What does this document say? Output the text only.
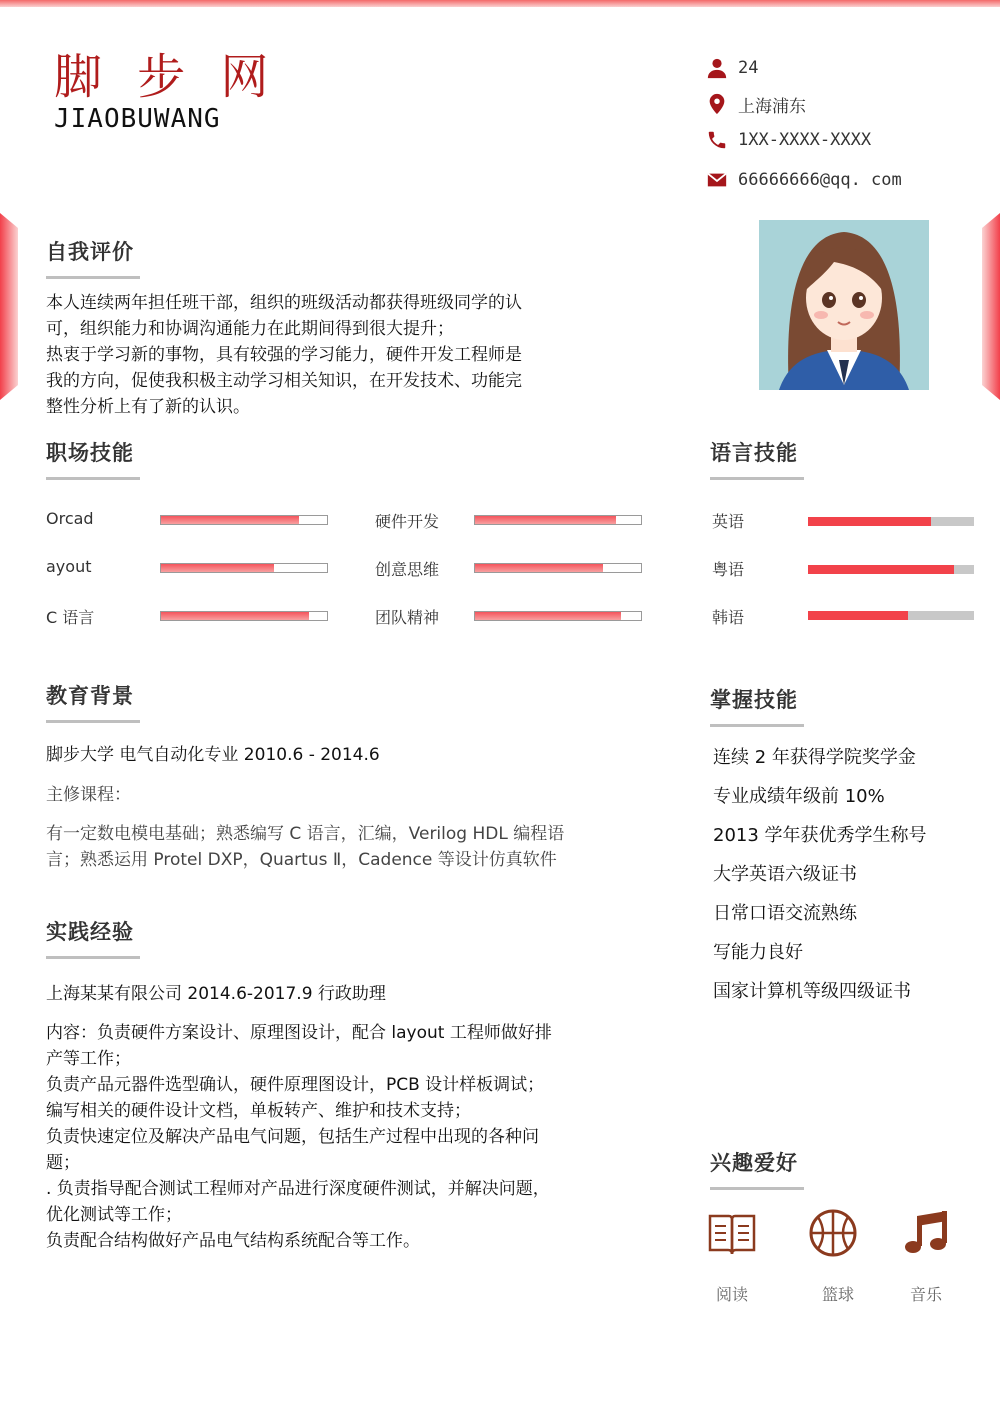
脚 步 网
JIAOBUWANG
24
上海浦东
1XX-XXXX-XXXX
66666666@qq. com
自我评价
本人连续两年担任班干部，组织的班级活动都获得班级同学的认
可，组织能力和协调沟通能力在此期间得到很大提升；
热衷于学习新的事物，具有较强的学习能力，硬件开发工程师是
我的方向，促使我积极主动学习相关知识，在开发技术、功能完
整性分析上有了新的认识。
职场技能
Orcad	硬件开发
ayout	创意思维
C 语言	团队精神
语言技能
英语
粤语
韩语
教育背景
脚步大学 电气自动化专业 2010.6 - 2014.6
主修课程：
有一定数电模电基础；熟悉编写 C 语言，汇编，Verilog HDL 编程语
言；熟悉运用 Protel DXP，Quartus Ⅱ，Cadence 等设计仿真软件
实践经验
上海某某有限公司 2014.6-2017.9 行政助理
内容：负责硬件方案设计、原理图设计，配合 layout 工程师做好排
产等工作；
负责产品元器件选型确认，硬件原理图设计，PCB 设计样板调试；
编写相关的硬件设计文档，单板转产、维护和技术支持；
负责快速定位及解决产品电气问题，包括生产过程中出现的各种问
题；
. 负责指导配合测试工程师对产品进行深度硬件测试，并解决问题，
优化测试等工作；
负责配合结构做好产品电气结构系统配合等工作。
掌握技能
连续 2 年获得学院奖学金
专业成绩年级前 10%
2013 学年获优秀学生称号
大学英语六级证书
日常口语交流熟练
写能力良好
国家计算机等级四级证书
兴趣爱好
阅读	篮球	音乐
